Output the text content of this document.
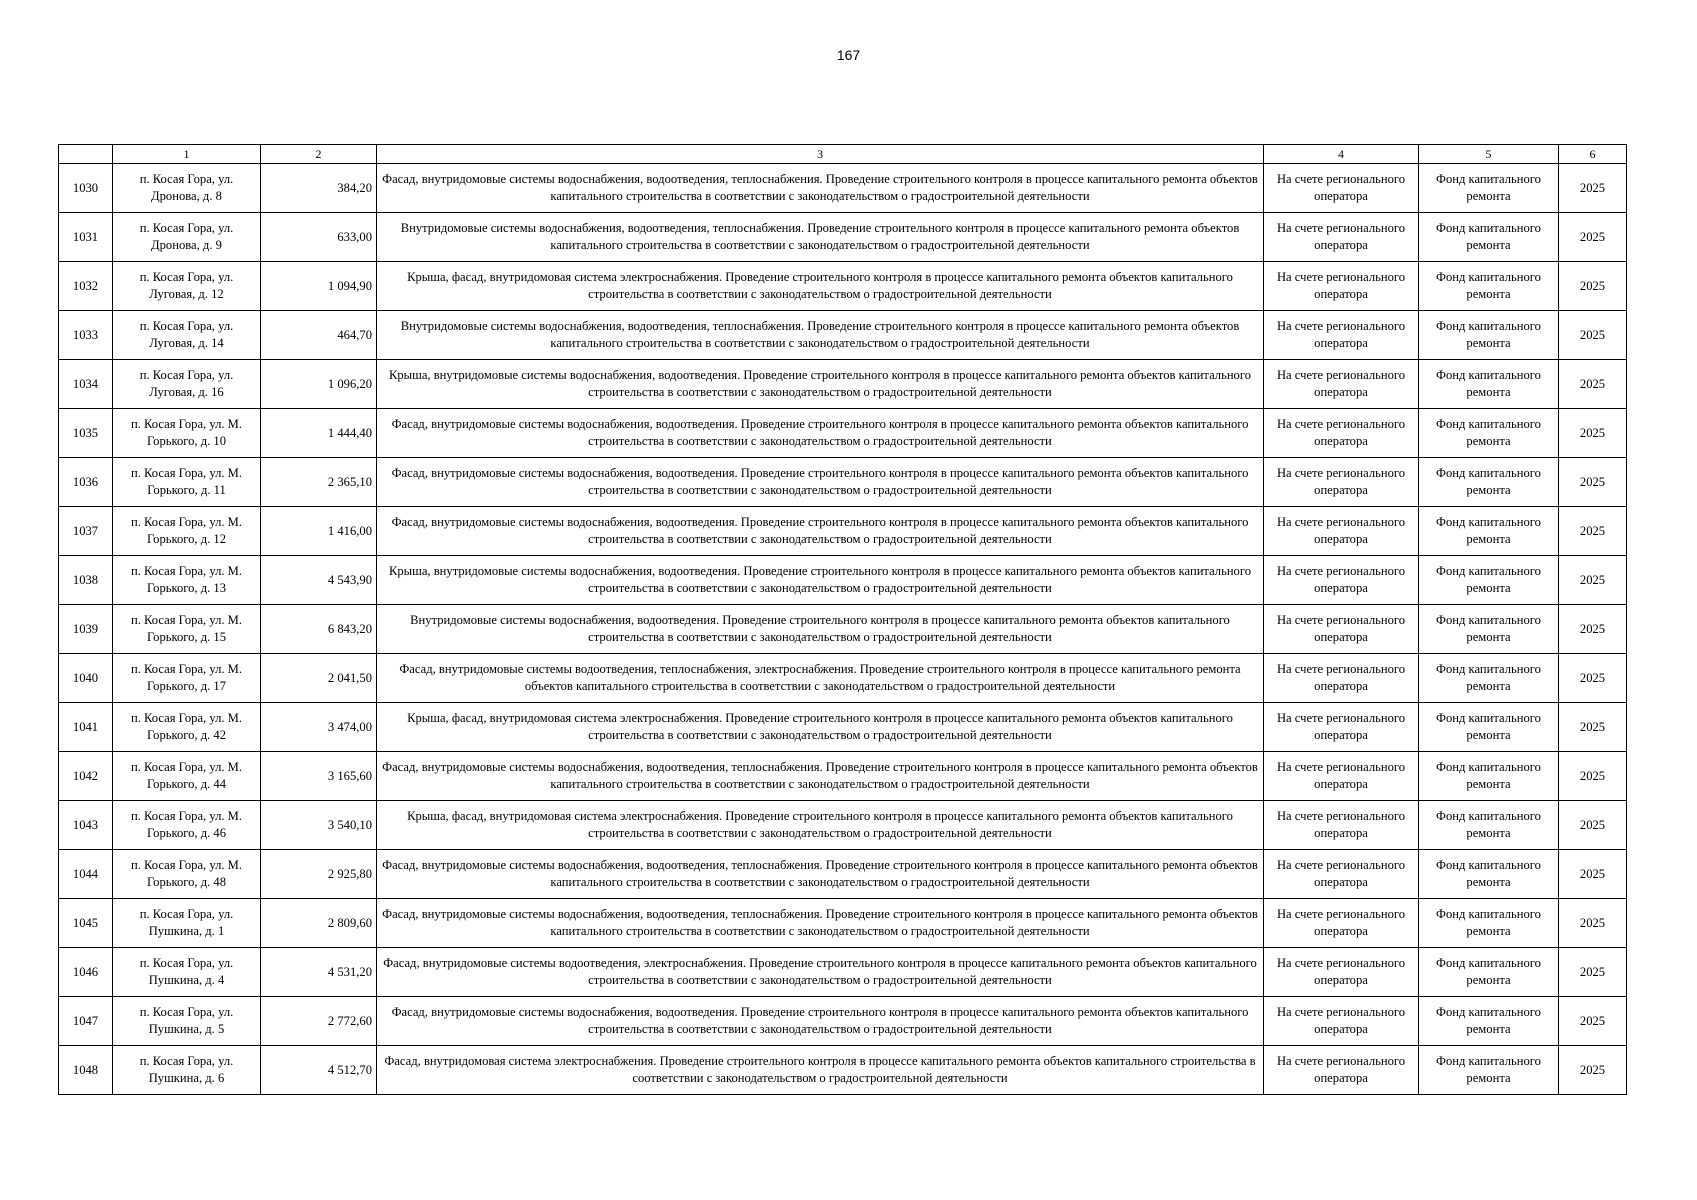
167
	1	2	3	4	5	6
1030	п. Косая Гора, ул. Дронова, д. 8	384,20	Фасад, внутридомовые системы водоснабжения, водоотведения, теплоснабжения. Проведение строительного контроля в процессе капитального ремонта объектов капитального строительства в соответствии с законодательством о градостроительной деятельности	На счете регионального оператора	Фонд капитального ремонта	2025
1031	п. Косая Гора, ул. Дронова, д. 9	633,00	Внутридомовые системы водоснабжения, водоотведения, теплоснабжения. Проведение строительного контроля в процессе капитального ремонта объектов капитального строительства в соответствии с законодательством о градостроительной деятельности	На счете регионального оператора	Фонд капитального ремонта	2025
1032	п. Косая Гора, ул. Луговая, д. 12	1 094,90	Крыша, фасад, внутридомовая система электроснабжения. Проведение строительного контроля в процессе капитального ремонта объектов капитального строительства в соответствии с законодательством о градостроительной деятельности	На счете регионального оператора	Фонд капитального ремонта	2025
1033	п. Косая Гора, ул. Луговая, д. 14	464,70	Внутридомовые системы водоснабжения, водоотведения, теплоснабжения. Проведение строительного контроля в процессе капитального ремонта объектов капитального строительства в соответствии с законодательством о градостроительной деятельности	На счете регионального оператора	Фонд капитального ремонта	2025
1034	п. Косая Гора, ул. Луговая, д. 16	1 096,20	Крыша, внутридомовые системы водоснабжения, водоотведения. Проведение строительного контроля в процессе капитального ремонта объектов капитального строительства в соответствии с законодательством о градостроительной деятельности	На счете регионального оператора	Фонд капитального ремонта	2025
1035	п. Косая Гора, ул. М. Горького, д. 10	1 444,40	Фасад, внутридомовые системы водоснабжения, водоотведения. Проведение строительного контроля в процессе капитального ремонта объектов капитального строительства в соответствии с законодательством о градостроительной деятельности	На счете регионального оператора	Фонд капитального ремонта	2025
1036	п. Косая Гора, ул. М. Горького, д. 11	2 365,10	Фасад, внутридомовые системы водоснабжения, водоотведения. Проведение строительного контроля в процессе капитального ремонта объектов капитального строительства в соответствии с законодательством о градостроительной деятельности	На счете регионального оператора	Фонд капитального ремонта	2025
1037	п. Косая Гора, ул. М. Горького, д. 12	1 416,00	Фасад, внутридомовые системы водоснабжения, водоотведения. Проведение строительного контроля в процессе капитального ремонта объектов капитального строительства в соответствии с законодательством о градостроительной деятельности	На счете регионального оператора	Фонд капитального ремонта	2025
1038	п. Косая Гора, ул. М. Горького, д. 13	4 543,90	Крыша, внутридомовые системы водоснабжения, водоотведения. Проведение строительного контроля в процессе капитального ремонта объектов капитального строительства в соответствии с законодательством о градостроительной деятельности	На счете регионального оператора	Фонд капитального ремонта	2025
1039	п. Косая Гора, ул. М. Горького, д. 15	6 843,20	Внутридомовые системы водоснабжения, водоотведения. Проведение строительного контроля в процессе капитального ремонта объектов капитального строительства в соответствии с законодательством о градостроительной деятельности	На счете регионального оператора	Фонд капитального ремонта	2025
1040	п. Косая Гора, ул. М. Горького, д. 17	2 041,50	Фасад, внутридомовые системы водоотведения, теплоснабжения, электроснабжения. Проведение строительного контроля в процессе капитального ремонта объектов капитального строительства в соответствии с законодательством о градостроительной деятельности	На счете регионального оператора	Фонд капитального ремонта	2025
1041	п. Косая Гора, ул. М. Горького, д. 42	3 474,00	Крыша, фасад, внутридомовая система электроснабжения. Проведение строительного контроля в процессе капитального ремонта объектов капитального строительства в соответствии с законодательством о градостроительной деятельности	На счете регионального оператора	Фонд капитального ремонта	2025
1042	п. Косая Гора, ул. М. Горького, д. 44	3 165,60	Фасад, внутридомовые системы водоснабжения, водоотведения, теплоснабжения. Проведение строительного контроля в процессе капитального ремонта объектов капитального строительства в соответствии с законодательством о градостроительной деятельности	На счете регионального оператора	Фонд капитального ремонта	2025
1043	п. Косая Гора, ул. М. Горького, д. 46	3 540,10	Крыша, фасад, внутридомовая система электроснабжения. Проведение строительного контроля в процессе капитального ремонта объектов капитального строительства в соответствии с законодательством о градостроительной деятельности	На счете регионального оператора	Фонд капитального ремонта	2025
1044	п. Косая Гора, ул. М. Горького, д. 48	2 925,80	Фасад, внутридомовые системы водоснабжения, водоотведения, теплоснабжения. Проведение строительного контроля в процессе капитального ремонта объектов капитального строительства в соответствии с законодательством о градостроительной деятельности	На счете регионального оператора	Фонд капитального ремонта	2025
1045	п. Косая Гора, ул. Пушкина, д. 1	2 809,60	Фасад, внутридомовые системы водоснабжения, водоотведения, теплоснабжения. Проведение строительного контроля в процессе капитального ремонта объектов капитального строительства в соответствии с законодательством о градостроительной деятельности	На счете регионального оператора	Фонд капитального ремонта	2025
1046	п. Косая Гора, ул. Пушкина, д. 4	4 531,20	Фасад, внутридомовые системы водоотведения, электроснабжения. Проведение строительного контроля в процессе капитального ремонта объектов капитального строительства в соответствии с законодательством о градостроительной деятельности	На счете регионального оператора	Фонд капитального ремонта	2025
1047	п. Косая Гора, ул. Пушкина, д. 5	2 772,60	Фасад, внутридомовые системы водоснабжения, водоотведения. Проведение строительного контроля в процессе капитального ремонта объектов капитального строительства в соответствии с законодательством о градостроительной деятельности	На счете регионального оператора	Фонд капитального ремонта	2025
1048	п. Косая Гора, ул. Пушкина, д. 6	4 512,70	Фасад, внутридомовая система электроснабжения. Проведение строительного контроля в процессе капитального ремонта объектов капитального строительства в соответствии с законодательством о градостроительной деятельности	На счете регионального оператора	Фонд капитального ремонта	2025
